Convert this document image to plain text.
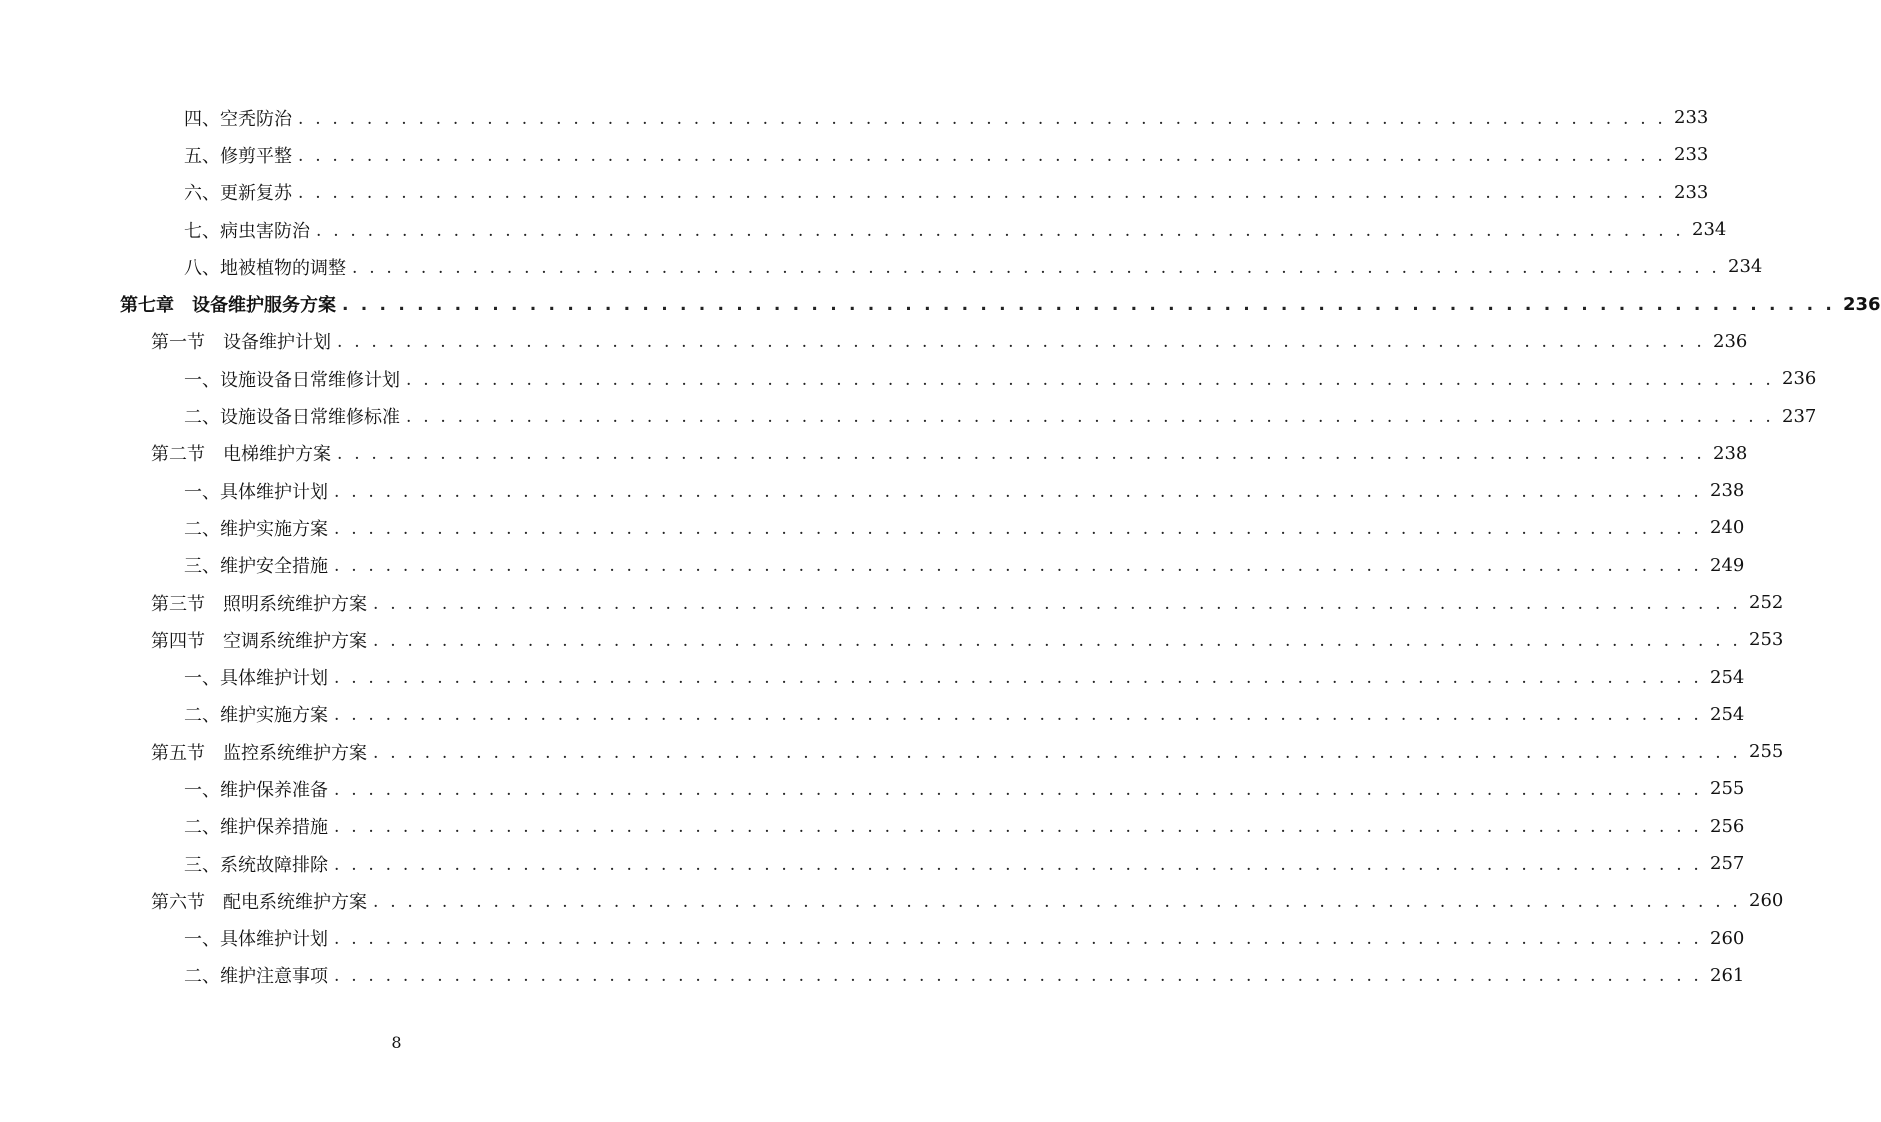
四、空秃防治 . . . . . . . . . . . . . . . . . . . . . . . . . . . . . . . . . . . . . . . . . . . . . . . . . . . . . . . . . . . . . . . . . . . . . . . . . . . . . . . . 233
五、修剪平整 . . . . . . . . . . . . . . . . . . . . . . . . . . . . . . . . . . . . . . . . . . . . . . . . . . . . . . . . . . . . . . . . . . . . . . . . . . . . . . . . 233
六、更新复苏 . . . . . . . . . . . . . . . . . . . . . . . . . . . . . . . . . . . . . . . . . . . . . . . . . . . . . . . . . . . . . . . . . . . . . . . . . . . . . . . . 233
七、病虫害防治 . . . . . . . . . . . . . . . . . . . . . . . . . . . . . . . . . . . . . . . . . . . . . . . . . . . . . . . . . . . . . . . . . . . . . . . . . . . . . . . . 234
八、地被植物的调整 . . . . . . . . . . . . . . . . . . . . . . . . . . . . . . . . . . . . . . . . . . . . . . . . . . . . . . . . . . . . . . . . . . . . . . . . . . . . . . . . 234
第七章　设备维护服务方案 . . . . . . . . . . . . . . . . . . . . . . . . . . . . . . . . . . . . . . . . . . . . . . . . . . . . . . . . . . . . . . . . . . . . . . . . . . . . . . . . 236
第一节　设备维护计划 . . . . . . . . . . . . . . . . . . . . . . . . . . . . . . . . . . . . . . . . . . . . . . . . . . . . . . . . . . . . . . . . . . . . . . . . . . . . . . . . 236
一、设施设备日常维修计划 . . . . . . . . . . . . . . . . . . . . . . . . . . . . . . . . . . . . . . . . . . . . . . . . . . . . . . . . . . . . . . . . . . . . . . . . . . . . . . . . 236
二、设施设备日常维修标准 . . . . . . . . . . . . . . . . . . . . . . . . . . . . . . . . . . . . . . . . . . . . . . . . . . . . . . . . . . . . . . . . . . . . . . . . . . . . . . . . 237
第二节　电梯维护方案 . . . . . . . . . . . . . . . . . . . . . . . . . . . . . . . . . . . . . . . . . . . . . . . . . . . . . . . . . . . . . . . . . . . . . . . . . . . . . . . . 238
一、具体维护计划 . . . . . . . . . . . . . . . . . . . . . . . . . . . . . . . . . . . . . . . . . . . . . . . . . . . . . . . . . . . . . . . . . . . . . . . . . . . . . . . . 238
二、维护实施方案 . . . . . . . . . . . . . . . . . . . . . . . . . . . . . . . . . . . . . . . . . . . . . . . . . . . . . . . . . . . . . . . . . . . . . . . . . . . . . . . . 240
三、维护安全措施 . . . . . . . . . . . . . . . . . . . . . . . . . . . . . . . . . . . . . . . . . . . . . . . . . . . . . . . . . . . . . . . . . . . . . . . . . . . . . . . . 249
第三节　照明系统维护方案 . . . . . . . . . . . . . . . . . . . . . . . . . . . . . . . . . . . . . . . . . . . . . . . . . . . . . . . . . . . . . . . . . . . . . . . . . . . . . . . . 252
第四节　空调系统维护方案 . . . . . . . . . . . . . . . . . . . . . . . . . . . . . . . . . . . . . . . . . . . . . . . . . . . . . . . . . . . . . . . . . . . . . . . . . . . . . . . . 253
一、具体维护计划 . . . . . . . . . . . . . . . . . . . . . . . . . . . . . . . . . . . . . . . . . . . . . . . . . . . . . . . . . . . . . . . . . . . . . . . . . . . . . . . . 254
二、维护实施方案 . . . . . . . . . . . . . . . . . . . . . . . . . . . . . . . . . . . . . . . . . . . . . . . . . . . . . . . . . . . . . . . . . . . . . . . . . . . . . . . . 254
第五节　监控系统维护方案 . . . . . . . . . . . . . . . . . . . . . . . . . . . . . . . . . . . . . . . . . . . . . . . . . . . . . . . . . . . . . . . . . . . . . . . . . . . . . . . . 255
一、维护保养准备 . . . . . . . . . . . . . . . . . . . . . . . . . . . . . . . . . . . . . . . . . . . . . . . . . . . . . . . . . . . . . . . . . . . . . . . . . . . . . . . . 255
二、维护保养措施 . . . . . . . . . . . . . . . . . . . . . . . . . . . . . . . . . . . . . . . . . . . . . . . . . . . . . . . . . . . . . . . . . . . . . . . . . . . . . . . . 256
三、系统故障排除 . . . . . . . . . . . . . . . . . . . . . . . . . . . . . . . . . . . . . . . . . . . . . . . . . . . . . . . . . . . . . . . . . . . . . . . . . . . . . . . . 257
第六节　配电系统维护方案 . . . . . . . . . . . . . . . . . . . . . . . . . . . . . . . . . . . . . . . . . . . . . . . . . . . . . . . . . . . . . . . . . . . . . . . . . . . . . . . . 260
一、具体维护计划 . . . . . . . . . . . . . . . . . . . . . . . . . . . . . . . . . . . . . . . . . . . . . . . . . . . . . . . . . . . . . . . . . . . . . . . . . . . . . . . . 260
二、维护注意事项 . . . . . . . . . . . . . . . . . . . . . . . . . . . . . . . . . . . . . . . . . . . . . . . . . . . . . . . . . . . . . . . . . . . . . . . . . . . . . . . . 261
8
